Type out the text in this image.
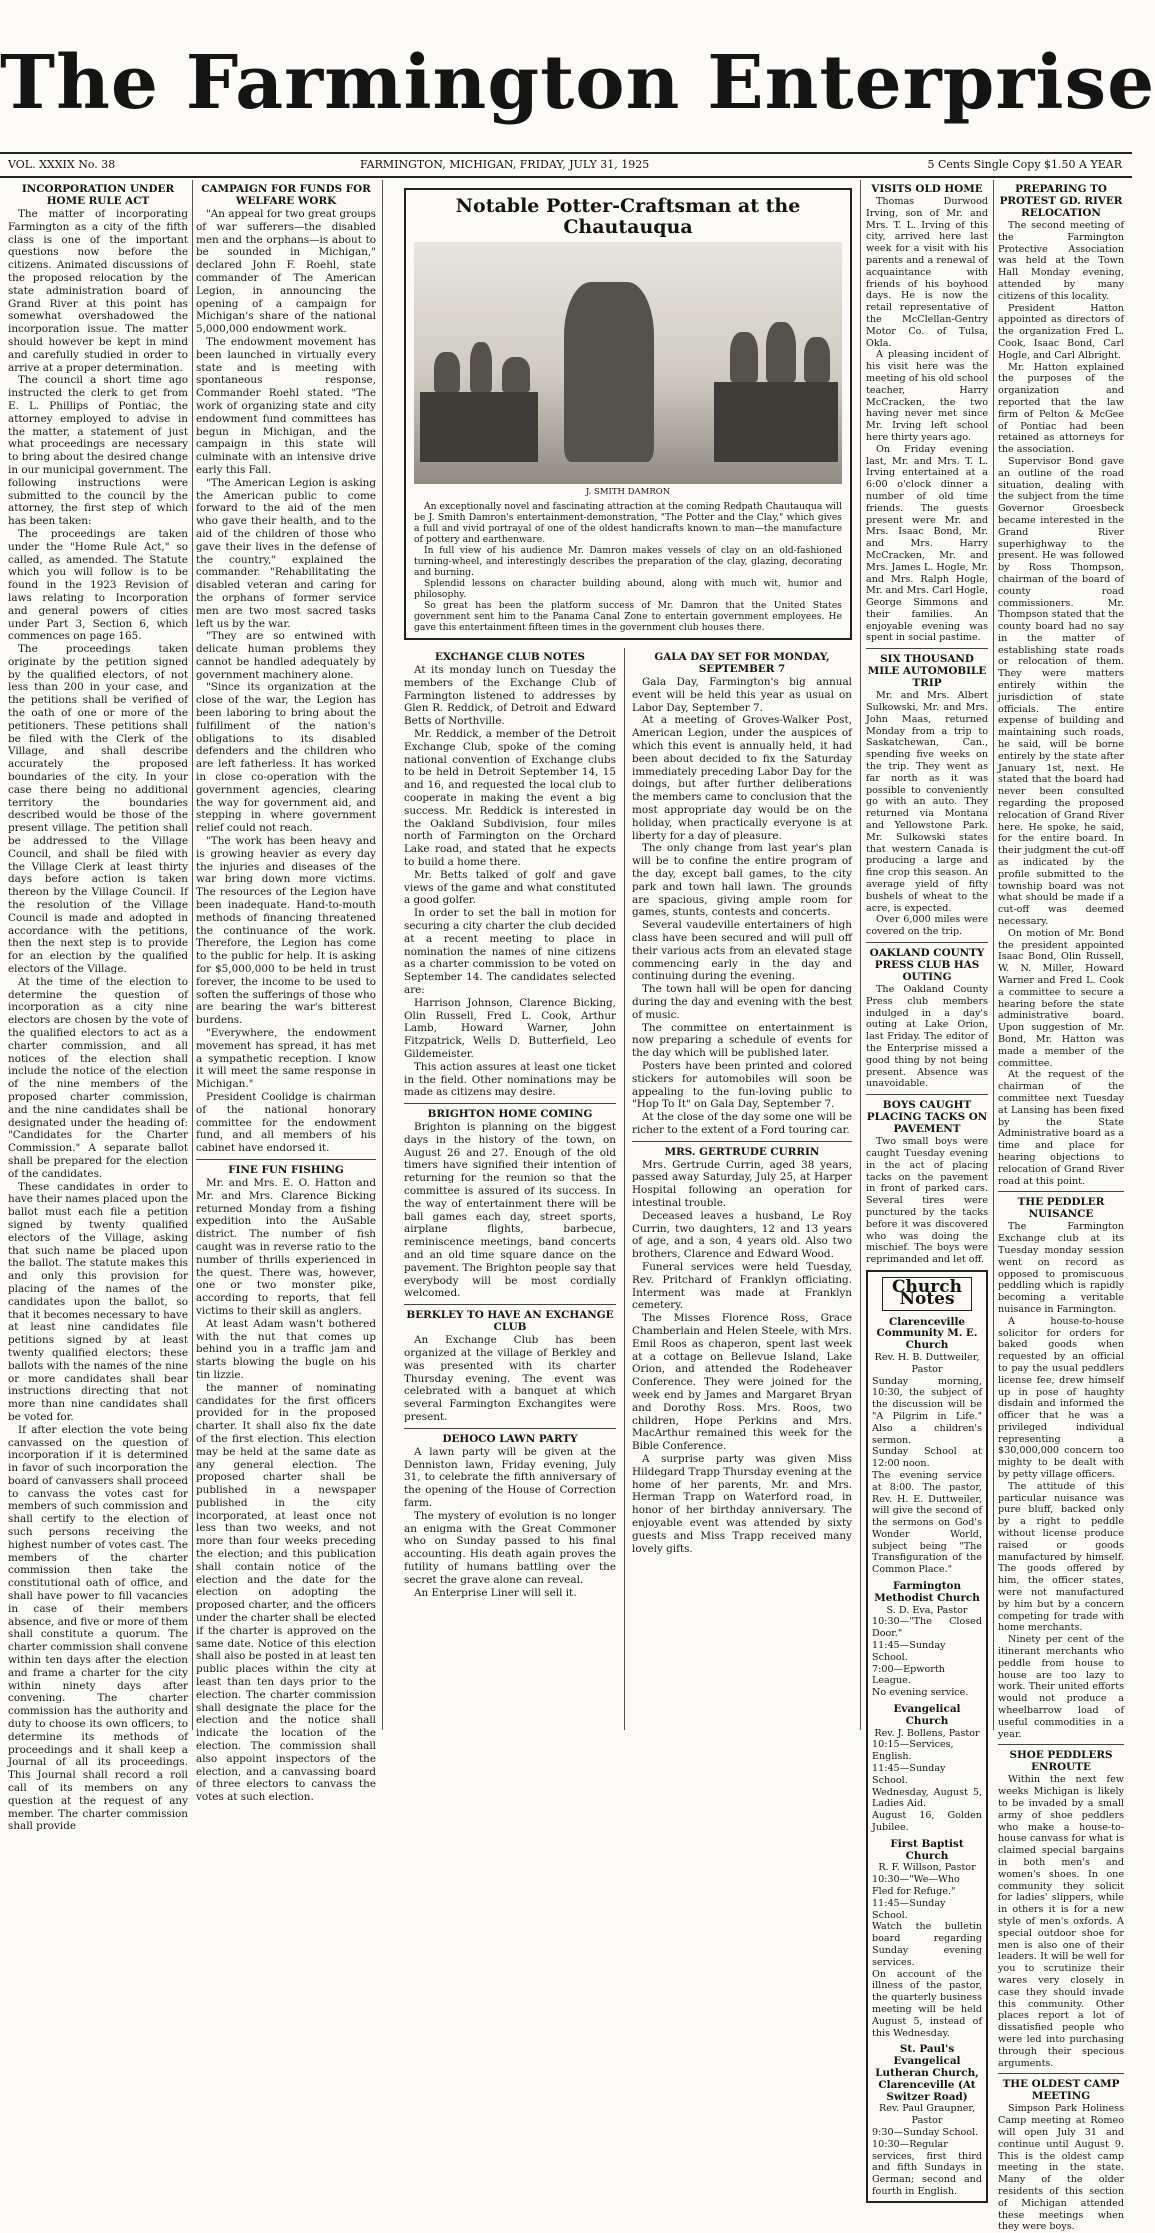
The Farmington Enterprise
VOL. XXXIX No. 38	FARMINGTON, MICHIGAN, FRIDAY, JULY 31, 1925	5 Cents Single Copy $1.50 A YEAR
INCORPORATION UNDER HOME RULE ACT

The matter of incorporating Farmington as a city of the fifth class is one of the important questions now before the citizens. Animated discussions of the proposed relocation by the state administration board of Grand River at this point has somewhat overshadowed the incorporation issue. The matter should however be kept in mind and carefully studied in order to arrive at a proper determination.

The council a short time ago instructed the clerk to get from E. L. Phillips of Pontiac, the attorney employed to advise in the matter, a statement of just what proceedings are necessary to bring about the desired change in our municipal government. The following instructions were submitted to the council by the attorney, the first step of which has been taken:

The proceedings are taken under the "Home Rule Act," so called, as amended. The Statute which you will follow is to be found in the 1923 Revision of laws relating to Incorporation and general powers of cities under Part 3, Section 6, which commences on page 165.

The proceedings taken originate by the petition signed by the qualified electors, of not less than 200 in your case, and the petitions shall be verified of the oath of one or more of the petitioners. These petitions shall be filed with the Clerk of the Village, and shall describe accurately the proposed boundaries of the city. In your case there being no additional territory the boundaries described would be those of the present village. The petition shall be addressed to the Village Council, and shall be filed with the Village Clerk at least thirty days before action is taken thereon by the Village Council. If the resolution of the Village Council is made and adopted in accordance with the petitions, then the next step is to provide for an election by the qualified electors of the Village.

At the time of the election to determine the question of incorporation as a city nine electors are chosen by the vote of the qualified electors to act as a charter commission, and all notices of the election shall include the notice of the election of the nine members of the proposed charter commission, and the nine candidates shall be designated under the heading of: "Candidates for the Charter Commission." A separate ballot shall be prepared for the election of the candidates.

These candidates in order to have their names placed upon the ballot must each file a petition signed by twenty qualified electors of the Village, asking that such name be placed upon the ballot. The statute makes this and only this provision for placing of the names of the candidates upon the ballot, so that it becomes necessary to have at least nine candidates file petitions signed by at least twenty qualified electors; these ballots with the names of the nine or more candidates shall bear instructions directing that not more than nine candidates shall be voted for.

If after election the vote being canvassed on the question of incorporation if it is determined in favor of such incorporation the board of canvassers shall proceed to canvass the votes cast for members of such commission and shall certify to the election of such persons receiving the highest number of votes cast. The members of the charter commission then take the constitutional oath of office, and shall have power to fill vacancies in case of their members absence, and five or more of them shall constitute a quorum. The charter commission shall convene within ten days after the election and frame a charter for the city within ninety days after convening. The charter commission has the authority and duty to choose its own officers, to determine its methods of proceedings and it shall keep a Journal of all its proceedings. This Journal shall record a roll call of its members on any question at the request of any member. The charter commission shall provide

CAMPAIGN FOR FUNDS FOR WELFARE WORK

"An appeal for two great groups of war sufferers—the disabled men and the orphans—is about to be sounded in Michigan," declared John F. Roehl, state commander of The American Legion, in announcing the opening of a campaign for Michigan's share of the national 5,000,000 endowment work.

The endowment movement has been launched in virtually every state and is meeting with spontaneous response, Commander Roehl stated. "The work of organizing state and city endowment fund committees has begun in Michigan, and the campaign in this state will culminate with an intensive drive early this Fall.

"The American Legion is asking the American public to come forward to the aid of the men who gave their health, and to the aid of the children of those who gave their lives in the defense of the country," explained the commander. "Rehabilitating the disabled veteran and caring for the orphans of former service men are two most sacred tasks left us by the war.

"They are so entwined with delicate human problems they cannot be handled adequately by government machinery alone.

"Since its organization at the close of the war, the Legion has been laboring to bring about the fulfillment of the nation's obligations to its disabled defenders and the children who are left fatherless. It has worked in close co-operation with the government agencies, clearing the way for government aid, and stepping in where government relief could not reach.

"The work has been heavy and is growing heavier as every day the injuries and diseases of the war bring down more victims. The resources of the Legion have been inadequate. Hand-to-mouth methods of financing threatened the continuance of the work. Therefore, the Legion has come to the public for help. It is asking for $5,000,000 to be held in trust forever, the income to be used to soften the sufferings of those who are bearing the war's bitterest burdens.

"Everywhere, the endowment movement has spread, it has met a sympathetic reception. I know it will meet the same response in Michigan."

President Coolidge is chairman of the national honorary committee for the endowment fund, and all members of his cabinet have endorsed it.

FINE FUN FISHING

Mr. and Mrs. E. O. Hatton and Mr. and Mrs. Clarence Bicking returned Monday from a fishing expedition into the AuSable district. The number of fish caught was in reverse ratio to the number of thrills experienced in the quest. There was, however, one or two monster pike, according to reports, that fell victims to their skill as anglers.

At least Adam wasn't bothered with the nut that comes up behind you in a traffic jam and starts blowing the bugle on his tin lizzie.

the manner of nominating candidates for the first officers provided for in the proposed charter. It shall also fix the date of the first election. This election may be held at the same date as any general election. The proposed charter shall be published in a newspaper published in the city incorporated, at least once not less than two weeks, and not more than four weeks preceding the election; and this publication shall contain notice of the election and the date for the election on adopting the proposed charter, and the officers under the charter shall be elected if the charter is approved on the same date. Notice of this election shall also be posted in at least ten public places within the city at least than ten days prior to the election. The charter commission shall designate the place for the election and the notice shall indicate the location of the election. The commission shall also appoint inspectors of the election, and a canvassing board of three electors to canvass the votes at such election.

Notable Potter-Craftsman at the Chautauqua
J. SMITH DAMRON

An exceptionally novel and fascinating attraction at the coming Redpath Chautauqua will be J. Smith Damron's entertainment-demonstration, "The Potter and the Clay," which gives a full and vivid portrayal of one of the oldest handicrafts known to man—the manufacture of pottery and earthenware.

In full view of his audience Mr. Damron makes vessels of clay on an old-fashioned turning-wheel, and interestingly describes the preparation of the clay, glazing, decorating and burning.

Splendid lessons on character building abound, along with much wit, humor and philosophy.

So great has been the platform success of Mr. Damron that the United States government sent him to the Panama Canal Zone to entertain government employees. He gave this entertainment fifteen times in the government club houses there.

EXCHANGE CLUB NOTES

At its monday lunch on Tuesday the members of the Exchange Club of Farmington listened to addresses by Glen R. Reddick, of Detroit and Edward Betts of Northville.

Mr. Reddick, a member of the Detroit Exchange Club, spoke of the coming national convention of Exchange clubs to be held in Detroit September 14, 15 and 16, and requested the local club to cooperate in making the event a big success. Mr. Reddick is interested in the Oakland Subdivision, four miles north of Farmington on the Orchard Lake road, and stated that he expects to build a home there.

Mr. Betts talked of golf and gave views of the game and what constituted a good golfer.

In order to set the ball in motion for securing a city charter the club decided at a recent meeting to place in nomination the names of nine citizens as a charter commission to be voted on September 14. The candidates selected are:

Harrison Johnson, Clarence Bicking, Olin Russell, Fred L. Cook, Arthur Lamb, Howard Warner, John Fitzpatrick, Wells D. Butterfield, Leo Gildemeister.

This action assures at least one ticket in the field. Other nominations may be made as citizens may desire.

BRIGHTON HOME COMING

Brighton is planning on the biggest days in the history of the town, on August 26 and 27. Enough of the old timers have signified their intention of returning for the reunion so that the committee is assured of its success. In the way of entertainment there will be ball games each day, street sports, airplane flights, barbecue, reminiscence meetings, band concerts and an old time square dance on the pavement. The Brighton people say that everybody will be most cordially welcomed.

BERKLEY TO HAVE AN EXCHANGE CLUB

An Exchange Club has been organized at the village of Berkley and was presented with its charter Thursday evening. The event was celebrated with a banquet at which several Farmington Exchangites were present.

DEHOCO LAWN PARTY

A lawn party will be given at the Denniston lawn, Friday evening, July 31, to celebrate the fifth anniversary of the opening of the House of Correction farm.

The mystery of evolution is no longer an enigma with the Great Commoner who on Sunday passed to his final accounting. His death again proves the futility of humans battling over the secret the grave alone can reveal.

An Enterprise Liner will sell it.

GALA DAY SET FOR MONDAY, SEPTEMBER 7

Gala Day, Farmington's big annual event will be held this year as usual on Labor Day, September 7.

At a meeting of Groves-Walker Post, American Legion, under the auspices of which this event is annually held, it had been about decided to fix the Saturday immediately preceding Labor Day for the doings, but after further deliberations the members came to conclusion that the most appropriate day would be on the holiday, when practically everyone is at liberty for a day of pleasure.

The only change from last year's plan will be to confine the entire program of the day, except ball games, to the city park and town hall lawn. The grounds are spacious, giving ample room for games, stunts, contests and concerts.

Several vaudeville entertainers of high class have been secured and will pull off their various acts from an elevated stage commencing early in the day and continuing during the evening.

The town hall will be open for dancing during the day and evening with the best of music.

The committee on entertainment is now preparing a schedule of events for the day which will be published later.

Posters have been printed and colored stickers for automobiles will soon be appealing to the fun-loving public to "Hop To It" on Gala Day, September 7.

At the close of the day some one will be richer to the extent of a Ford touring car.

MRS. GERTRUDE CURRIN

Mrs. Gertrude Currin, aged 38 years, passed away Saturday, July 25, at Harper Hospital following an operation for intestinal trouble.

Deceased leaves a husband, Le Roy Currin, two daughters, 12 and 13 years of age, and a son, 4 years old. Also two brothers, Clarence and Edward Wood.

Funeral services were held Tuesday, Rev. Pritchard of Franklyn officiating. Interment was made at Franklyn cemetery.

The Misses Florence Ross, Grace Chamberlain and Helen Steele, with Mrs. Emil Roos as chaperon, spent last week at a cottage on Bellevue Island, Lake Orion, and attended the Rodeheaver Conference. They were joined for the week end by James and Margaret Bryan and Dorothy Ross. Mrs. Roos, two children, Hope Perkins and Mrs. MacArthur remained this week for the Bible Conference.

A surprise party was given Miss Hildegard Trapp Thursday evening at the home of her parents, Mr. and Mrs. Herman Trapp on Waterford road, in honor of her birthday anniversary. The enjoyable event was attended by sixty guests and Miss Trapp received many lovely gifts.

VISITS OLD HOME

Thomas Durwood Irving, son of Mr. and Mrs. T. L. Irving of this city, arrived here last week for a visit with his parents and a renewal of acquaintance with friends of his boyhood days. He is now the retail representative of the McClellan-Gentry Motor Co. of Tulsa, Okla.

A pleasing incident of his visit here was the meeting of his old school teacher, Harry McCracken, the two having never met since Mr. Irving left school here thirty years ago.

On Friday evening last, Mr. and Mrs. T. L. Irving entertained at a 6:00 o'clock dinner a number of old time friends. The guests present were Mr. and Mrs. Isaac Bond, Mr. and Mrs. Harry McCracken, Mr. and Mrs. James L. Hogle, Mr. and Mrs. Ralph Hogle, Mr. and Mrs. Carl Hogle, George Simmons and their families. An enjoyable evening was spent in social pastime.

SIX THOUSAND MILE AUTOMOBILE TRIP

Mr. and Mrs. Albert Sulkowski, Mr. and Mrs. John Maas, returned Monday from a trip to Saskatchewan, Can., spending five weeks on the trip. They went as far north as it was possible to conveniently go with an auto. They returned via Montana and Yellowstone Park. Mr. Sulkowski states that western Canada is producing a large and fine crop this season. An average yield of fifty bushels of wheat to the acre, is expected.

Over 6,000 miles were covered on the trip.

OAKLAND COUNTY PRESS CLUB HAS OUTING

The Oakland County Press club members indulged in a day's outing at Lake Orion, last Friday. The editor of the Enterprise missed a good thing by not being present. Absence was unavoidable.

BOYS CAUGHT PLACING TACKS ON PAVEMENT

Two small boys were caught Tuesday evening in the act of placing tacks on the pavement in front of parked cars. Several tires were punctured by the tacks before it was discovered who was doing the mischief. The boys were reprimanded and let off.

Church Notes
Clarenceville Community M. E. Church

Rev. H. B. Duttweiler, Pastor

Sunday morning, 10:30, the subject of the discussion will be "A Pilgrim in Life." Also a children's sermon.

Sunday School at 12:00 noon.

The evening service at 8:00. The pastor, Rev. H. E. Duttweiler, will give the second of the sermons on God's Wonder World, subject being "The Transfiguration of the Common Place."

Farmington Methodist Church

S. D. Eva, Pastor

10:30—"The Closed Door."

11:45—Sunday School.

7:00—Epworth League.

No evening service.

Evangelical Church

Rev. J. Bollens, Pastor

10:15—Services, English.

11:45—Sunday School.

Wednesday, August 5, Ladies Aid.

August 16, Golden Jubilee.

First Baptist Church

R. F. Willson, Pastor

10:30—"We—Who Fled for Refuge."

11:45—Sunday School.

Watch the bulletin board regarding Sunday evening services.

On account of the illness of the pastor, the quarterly business meeting will be held August 5, instead of this Wednesday.

St. Paul's Evangelical Lutheran Church, Clarenceville (At Switzer Road)

Rev. Paul Graupner, Pastor

9:30—Sunday School.

10:30—Regular services, first third and fifth Sundays in German; second and fourth in English.

PREPARING TO PROTEST GD. RIVER RELOCATION

The second meeting of the Farmington Protective Association was held at the Town Hall Monday evening, attended by many citizens of this locality.

President Hatton appointed as directors of the organization Fred L. Cook, Isaac Bond, Carl Hogle, and Carl Albright.

Mr. Hatton explained the purposes of the organization and reported that the law firm of Pelton & McGee of Pontiac had been retained as attorneys for the association.

Supervisor Bond gave an outline of the road situation, dealing with the subject from the time Governor Groesbeck became interested in the Grand River superhighway to the present. He was followed by Ross Thompson, chairman of the board of county road commissioners. Mr. Thompson stated that the county board had no say in the matter of establishing state roads or relocation of them. They were matters entirely within the jurisdiction of state officials. The entire expense of building and maintaining such roads, he said, will be borne entirely by the state after January 1st, next. He stated that the board had never been consulted regarding the proposed relocation of Grand River here. He spoke, he said, for the entire board. In their judgment the cut-off as indicated by the profile submitted to the township board was not what should be made if a cut-off was deemed necessary.

On motion of Mr. Bond the president appointed Isaac Bond, Olin Russell, W. N. Miller, Howard Warner and Fred L. Cook a committee to secure a hearing before the state administrative board. Upon suggestion of Mr. Bond, Mr. Hatton was made a member of the committee.

At the request of the chairman of the committee next Tuesday at Lansing has been fixed by the State Administrative board as a time and place for hearing objections to relocation of Grand River road at this point.

THE PEDDLER NUISANCE

The Farmington Exchange club at its Tuesday monday session went on record as opposed to promiscuous peddling which is rapidly becoming a veritable nuisance in Farmington.

A house-to-house solicitor for orders for baked goods when requested by an official to pay the usual peddlers license fee, drew himself up in pose of haughty disdain and informed the officer that he was a privileged individual representing a $30,000,000 concern too mighty to be dealt with by petty village officers.

The attitude of this particular nuisance was pure bluff, backed only by a right to peddle without license produce raised or goods manufactured by himself. The goods offered by him, the officer states, were not manufactured by him but by a concern competing for trade with home merchants.

Ninety per cent of the itinerant merchants who peddle from house to house are too lazy to work. Their united efforts would not produce a wheelbarrow load of useful commodities in a year.

SHOE PEDDLERS ENROUTE

Within the next few weeks Michigan is likely to be invaded by a small army of shoe peddlers who make a house-to-house canvass for what is claimed special bargains in both men's and women's shoes. In one community they solicit for ladies' slippers, while in others it is for a new style of men's oxfords. A special outdoor shoe for men is also one of their leaders. It will be well for you to scrutinize their wares very closely in case they should invade this community. Other places report a lot of dissatisfied people who were led into purchasing through their specious arguments.

THE OLDEST CAMP MEETING

Simpson Park Holiness Camp meeting at Romeo will open July 31 and continue until August 9. This is the oldest camp meeting in the state. Many of the older residents of this section of Michigan attended these meetings when they were boys.
